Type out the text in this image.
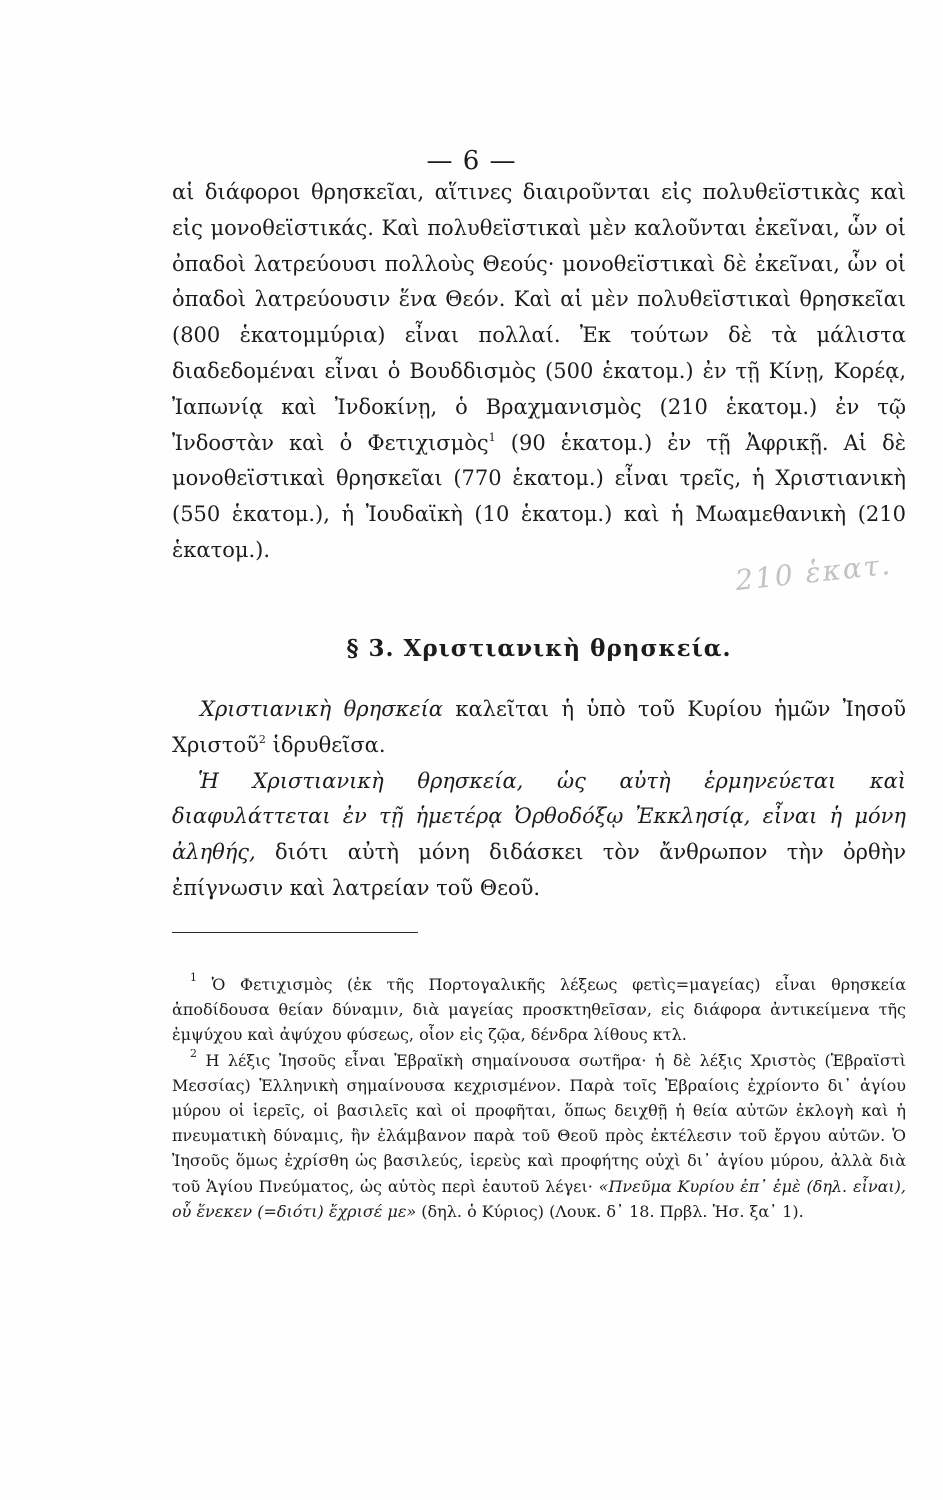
— 6 —

αἱ διάφοροι θρησκεῖαι, αἵτινες διαιροῦνται εἰς πολυθεϊστικὰς καὶ εἰς μονοθεϊστικάς. Καὶ πολυθεϊστικαὶ μὲν καλοῦνται ἐκεῖναι, ὧν οἱ ὀπαδοὶ λατρεύουσι πολλοὺς Θεούς· μονοθεϊστικαὶ δὲ ἐκεῖναι, ὧν οἱ ὀπαδοὶ λατρεύουσιν ἕνα Θεόν. Καὶ αἱ μὲν πολυθεϊστικαὶ θρησκεῖαι (800 ἑκατομμύρια) εἶναι πολλαί. Ἐκ τούτων δὲ τὰ μάλιστα διαδεδομέναι εἶναι ὁ Βουδδισμὸς (500 ἑκατομ.) ἐν τῇ Κίνῃ, Κορέᾳ, Ἰαπωνίᾳ καὶ Ἰνδοκίνῃ, ὁ Βραχμανισμὸς (210 ἑκατομ.) ἐν τῷ Ἰνδοστὰν καὶ ὁ Φετιχισμὸς$^1$ (90 ἑκατομ.) ἐν τῇ Ἀφρικῇ. Αἱ δὲ μονοθεϊστικαὶ θρησκεῖαι (770 ἑκατομ.) εἶναι τρεῖς, ἡ Χριστιανικὴ (550 ἑκατομ.), ἡ Ἰουδαϊκὴ (10 ἑκατομ.) καὶ ἡ Μωαμεθανικὴ (210 ἑκατομ.).	210 ἑκατ.
§ 3. Χριστιανικὴ θρησκεία.

Χριστιανικὴ θρησκεία καλεῖται ἡ ὑπὸ τοῦ Κυρίου ἡμῶν Ἰησοῦ Χριστοῦ$^2$ ἱδρυθεῖσα.

Ἡ Χριστιανικὴ θρησκεία, ὡς αὐτὴ ἑρμηνεύεται καὶ διαφυλάττεται ἐν τῇ ἡμετέρᾳ Ὀρθοδόξῳ Ἐκκλησίᾳ, εἶναι ἡ μόνη ἀληθής, διότι αὐτὴ μόνη διδάσκει τὸν ἄνθρωπον τὴν ὀρθὴν ἐπίγνωσιν καὶ λατρείαν τοῦ Θεοῦ.

$^1$ Ὁ Φετιχισμὸς (ἐκ τῆς Πορτογαλικῆς λέξεως φετὶς=μαγείας) εἶναι θρησκεία ἀποδίδουσα θείαν δύναμιν, διὰ μαγείας προσκτηθεῖσαν, εἰς διάφορα ἀντικείμενα τῆς ἐμψύχου καὶ ἀψύχου φύσεως, οἷον εἰς ζῷα, δένδρα λίθους κτλ.

$^2$ Η λέξις Ἰησοῦς εἶναι Ἑβραϊκὴ σημαίνουσα σωτῆρα· ἡ δὲ λέξις Χριστὸς (Ἑβραϊστὶ Μεσσίας) Ἑλληνικὴ σημαίνουσα κεχρισμένον. Παρὰ τοῖς Ἑβραίοις ἐχρίοντο δι᾽ ἁγίου μύρου οἱ ἱερεῖς, οἱ βασιλεῖς καὶ οἱ προφῆται, ὅπως δειχθῇ ἡ θεία αὐτῶν ἐκλογὴ καὶ ἡ πνευματικὴ δύναμις, ἣν ἐλάμβανον παρὰ τοῦ Θεοῦ πρὸς ἐκτέλεσιν τοῦ ἔργου αὐτῶν. Ὁ Ἰησοῦς ὅμως ἐχρίσθη ὡς βασιλεύς, ἱερεὺς καὶ προφήτης οὐχὶ δι᾽ ἁγίου μύρου, ἀλλὰ διὰ τοῦ Ἁγίου Πνεύματος, ὡς αὐτὸς περὶ ἑαυτοῦ λέγει· «Πνεῦμα Κυρίου ἐπ᾽ ἐμὲ (δηλ. εἶναι), οὗ ἕνεκεν (=διότι) ἔχρισέ με» (δηλ. ὁ Κύριος) (Λουκ. δ᾽ 18. Πρβλ. Ἡσ. ξα᾽ 1).
